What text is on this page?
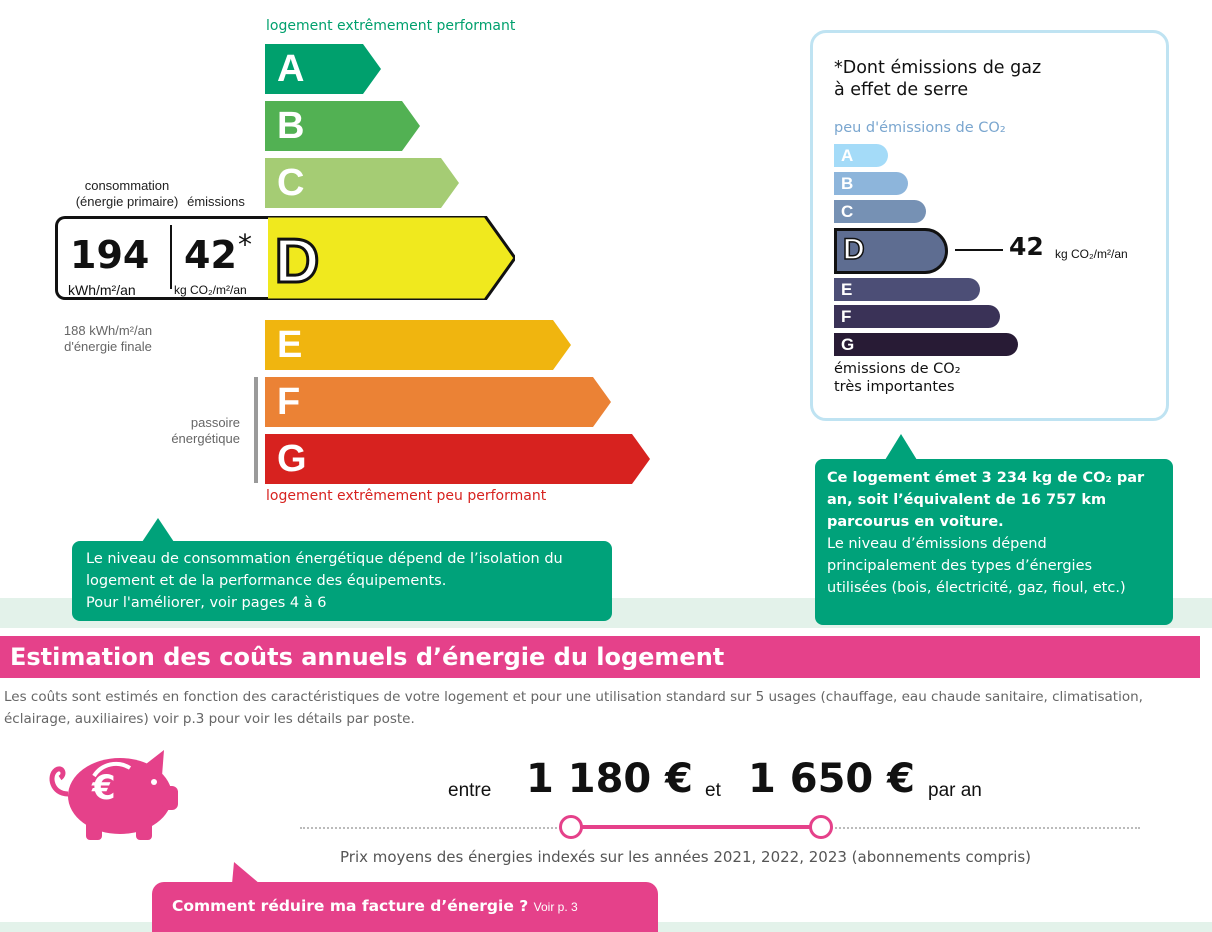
logement extrêmement performant
A
B
C
D
E
F
G
logement extrêmement peu performant
consommation
(énergie primaire) émissions
194
kWh/m²/an
42 *
kg CO₂/m²/an
188 kWh/m²/an
d'énergie finale
passoire
énergétique
Le niveau de consommation énergétique dépend de l’isolation du
logement et de la performance des équipements.
Pour l'améliorer, voir pages 4 à 6
*Dont émissions de gaz
à effet de serre
peu d'émissions de CO₂
A
B
C
D
E
F
G
42 kg CO₂/m²/an
émissions de CO₂
très importantes
Ce logement émet 3 234 kg de CO₂ par
an, soit l’équivalent de 16 757 km
parcourus en voiture.
Le niveau d’émissions dépend
principalement des types d’énergies
utilisées (bois, électricité, gaz, fioul, etc.)
Estimation des coûts annuels d’énergie du logement
Les coûts sont estimés en fonction des caractéristiques de votre logement et pour une utilisation standard sur 5 usages (chauffage, eau chaude sanitaire, climatisation,
éclairage, auxiliaires) voir p.3 pour voir les détails par poste.
€	entre 1 180 € et 1 650 € par an
Prix moyens des énergies indexés sur les années 2021, 2022, 2023 (abonnements compris)
Comment réduire ma facture d’énergie ? Voir p. 3
